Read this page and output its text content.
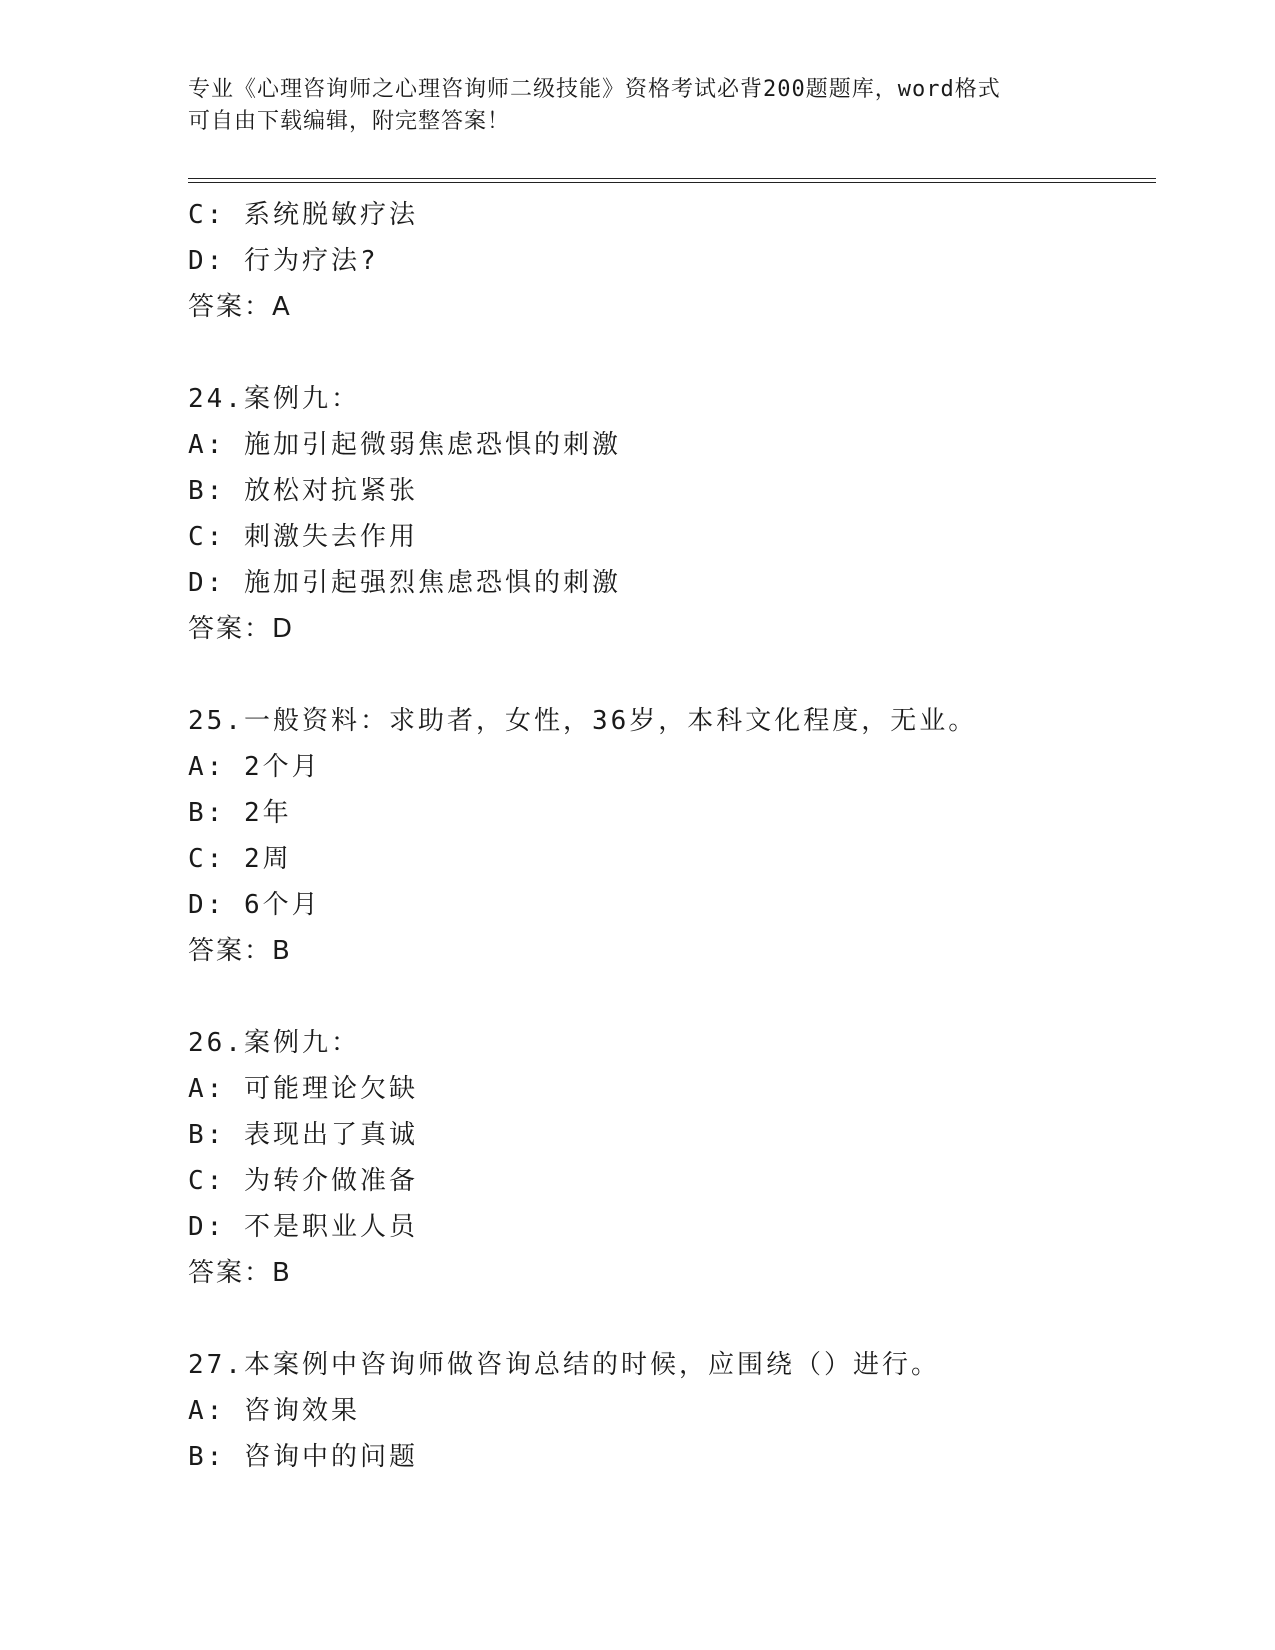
专业《心理咨询师之心理咨询师二级技能》资格考试必背200题题库，word格式
可自由下载编辑，附完整答案！
C: 系统脱敏疗法
D: 行为疗法?
答案：A
24.案例九：
A: 施加引起微弱焦虑恐惧的刺激
B: 放松对抗紧张
C: 刺激失去作用
D: 施加引起强烈焦虑恐惧的刺激
答案：D
25.一般资料：求助者，女性，36岁，本科文化程度，无业。
A: 2个月
B: 2年
C: 2周
D: 6个月
答案：B
26.案例九：
A: 可能理论欠缺
B: 表现出了真诚
C: 为转介做准备
D: 不是职业人员
答案：B
27.本案例中咨询师做咨询总结的时候，应围绕（）进行。
A: 咨询效果
B: 咨询中的问题
